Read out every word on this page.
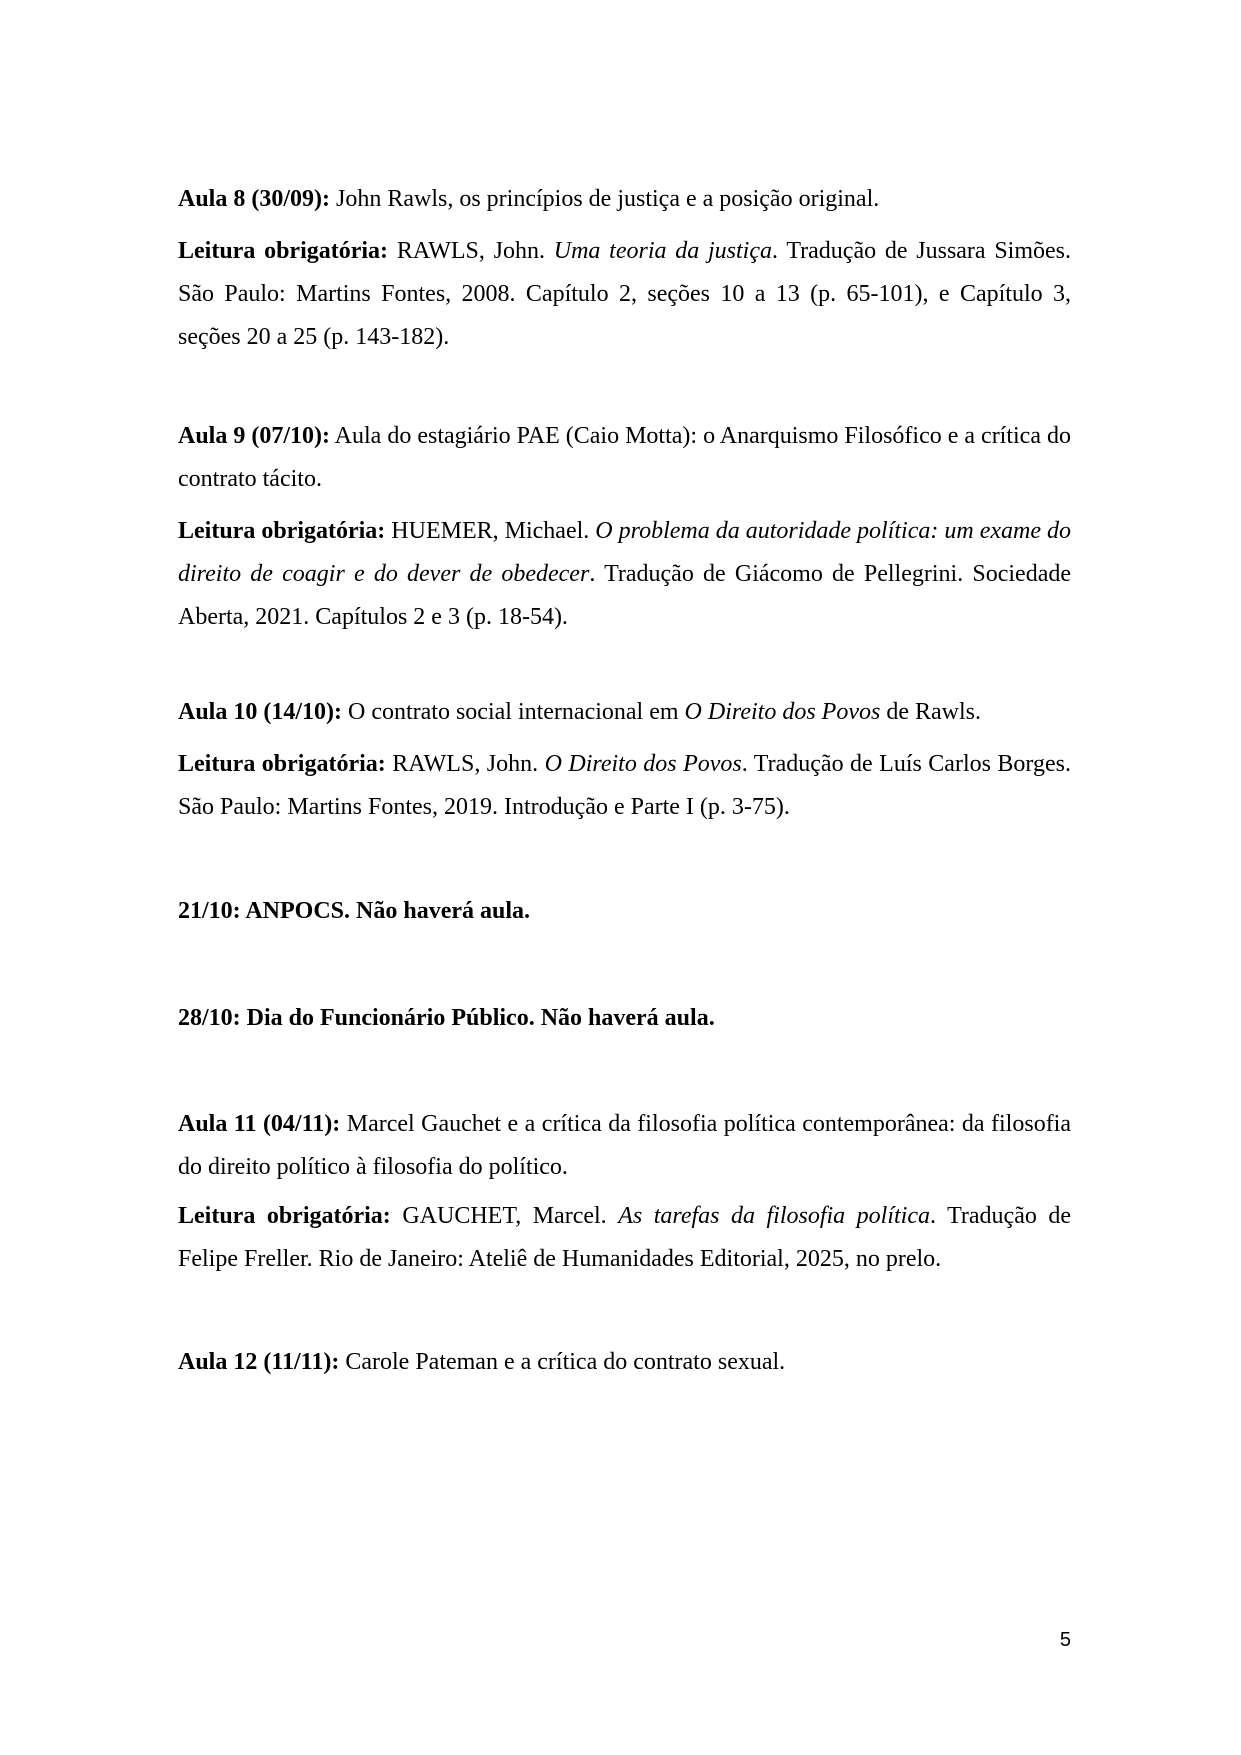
Aula 8 (30/09): John Rawls, os princípios de justiça e a posição original.

Leitura obrigatória: RAWLS, John. Uma teoria da justiça. Tradução de Jussara Simões. São Paulo: Martins Fontes, 2008. Capítulo 2, seções 10 a 13 (p. 65-101), e Capítulo 3, seções 20 a 25 (p. 143-182).

Aula 9 (07/10): Aula do estagiário PAE (Caio Motta): o Anarquismo Filosófico e a crítica do contrato tácito.

Leitura obrigatória: HUEMER, Michael. O problema da autoridade política: um exame do direito de coagir e do dever de obedecer. Tradução de Giácomo de Pellegrini. Sociedade Aberta, 2021. Capítulos 2 e 3 (p. 18-54).

Aula 10 (14/10): O contrato social internacional em O Direito dos Povos de Rawls.

Leitura obrigatória: RAWLS, John. O Direito dos Povos. Tradução de Luís Carlos Borges. São Paulo: Martins Fontes, 2019. Introdução e Parte I (p. 3-75).

21/10: ANPOCS. Não haverá aula.

28/10: Dia do Funcionário Público. Não haverá aula.

Aula 11 (04/11): Marcel Gauchet e a crítica da filosofia política contemporânea: da filosofia do direito político à filosofia do político.

Leitura obrigatória: GAUCHET, Marcel. As tarefas da filosofia política. Tradução de Felipe Freller. Rio de Janeiro: Ateliê de Humanidades Editorial, 2025, no prelo.

Aula 12 (11/11): Carole Pateman e a crítica do contrato sexual.

5
